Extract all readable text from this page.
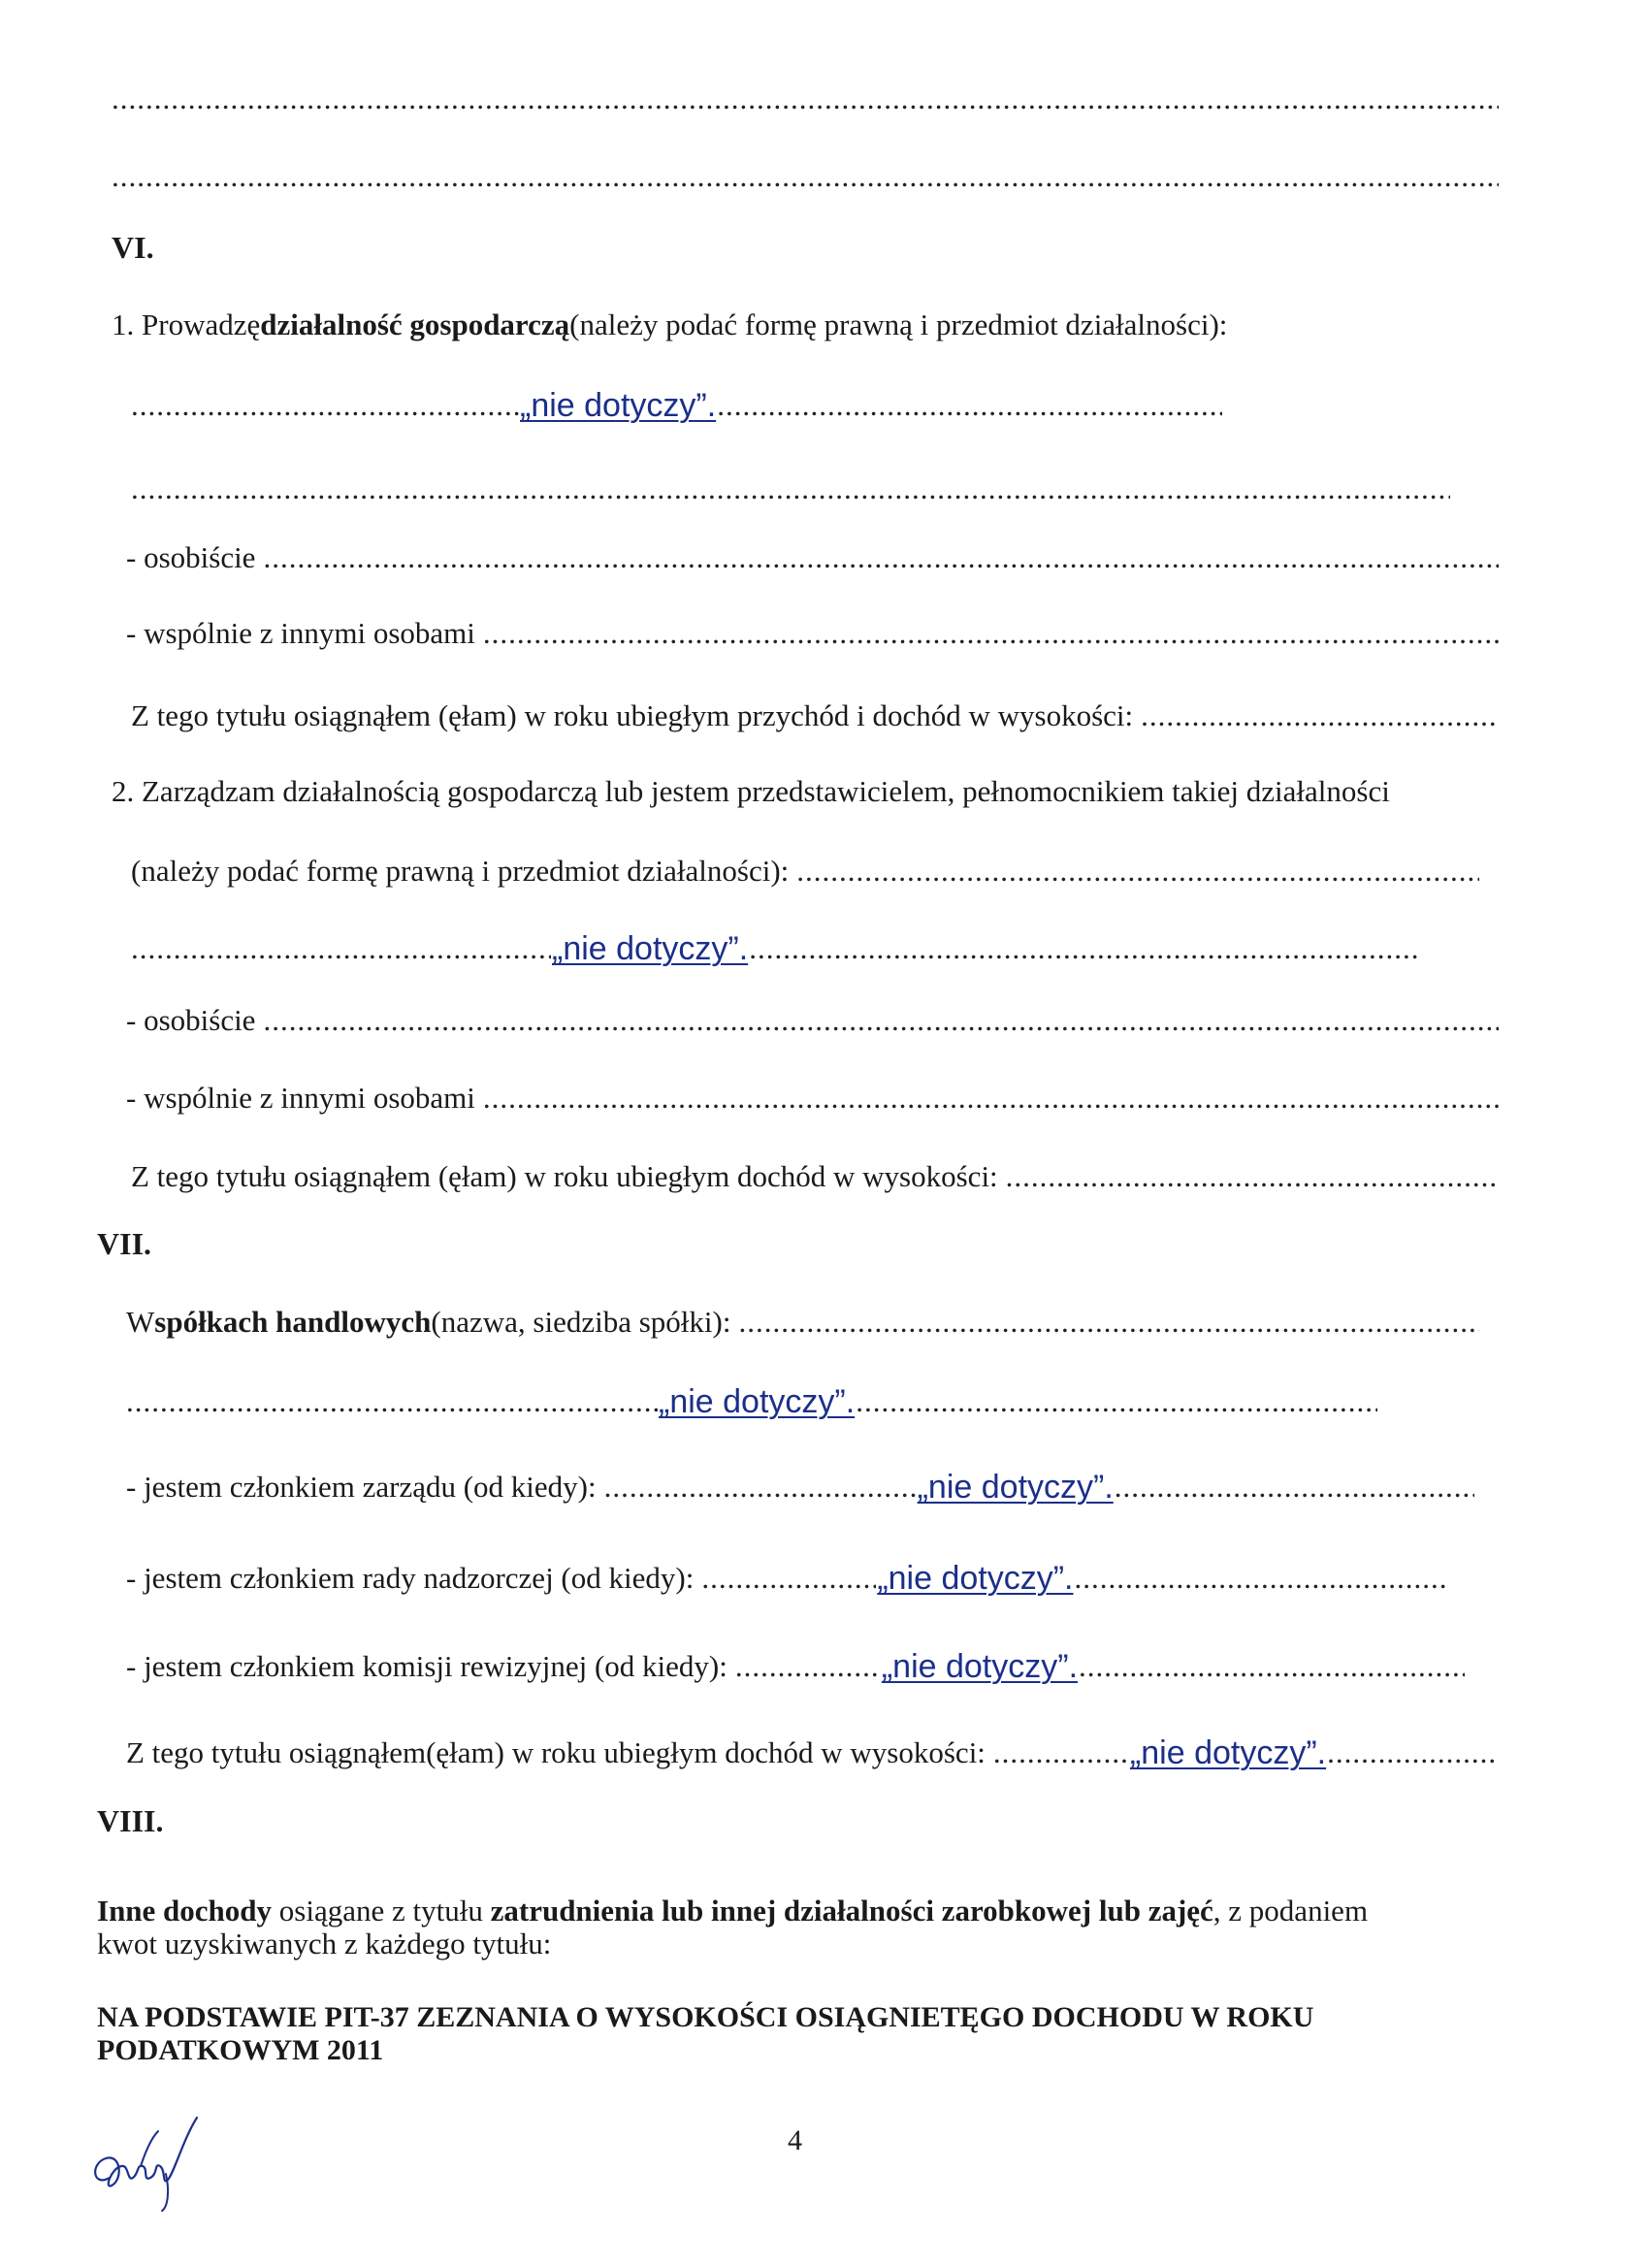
.....
.....
VI.
1. Prowadzę działalność gospodarczą (należy podać formę prawną i przedmiot działalności):
.....
„nie dotyczy”.
.....
.....
- osobiście
.....
- wspólnie z innymi osobami
.....
Z tego tytułu osiągnąłem (ęłam) w roku ubiegłym przychód i dochód w wysokości:
.....
2. Zarządzam działalnością gospodarczą lub jestem przedstawicielem, pełnomocnikiem takiej działalności
(należy podać formę prawną i przedmiot działalności):
.....
.....
„nie dotyczy”.
.....
- osobiście
.....
- wspólnie z innymi osobami
.....
Z tego tytułu osiągnąłem (ęłam) w roku ubiegłym dochód w wysokości:
.....
VII.
W spółkach handlowych (nazwa, siedziba spółki):
.....
.....
„nie dotyczy”.
.....
- jestem członkiem zarządu (od kiedy): .....	„nie dotyczy”.
.....
- jestem członkiem rady nadzorczej (od kiedy): .....	„nie dotyczy”.
.....
- jestem członkiem komisji rewizyjnej (od kiedy): .....	„nie dotyczy”.
.....
Z tego tytułu osiągnąłem(ęłam) w roku ubiegłym dochód w wysokości: .....	„nie dotyczy”.
.....
VIII.
Inne dochody osiągane z tytułu zatrudnienia lub innej działalności zarobkowej lub zajęć, z podaniem
kwot uzyskiwanych z każdego tytułu:
NA PODSTAWIE PIT-37 ZEZNANIA O WYSOKOŚCI OSIĄGNIETĘGO DOCHODU W ROKU
PODATKOWYM 2011
4
